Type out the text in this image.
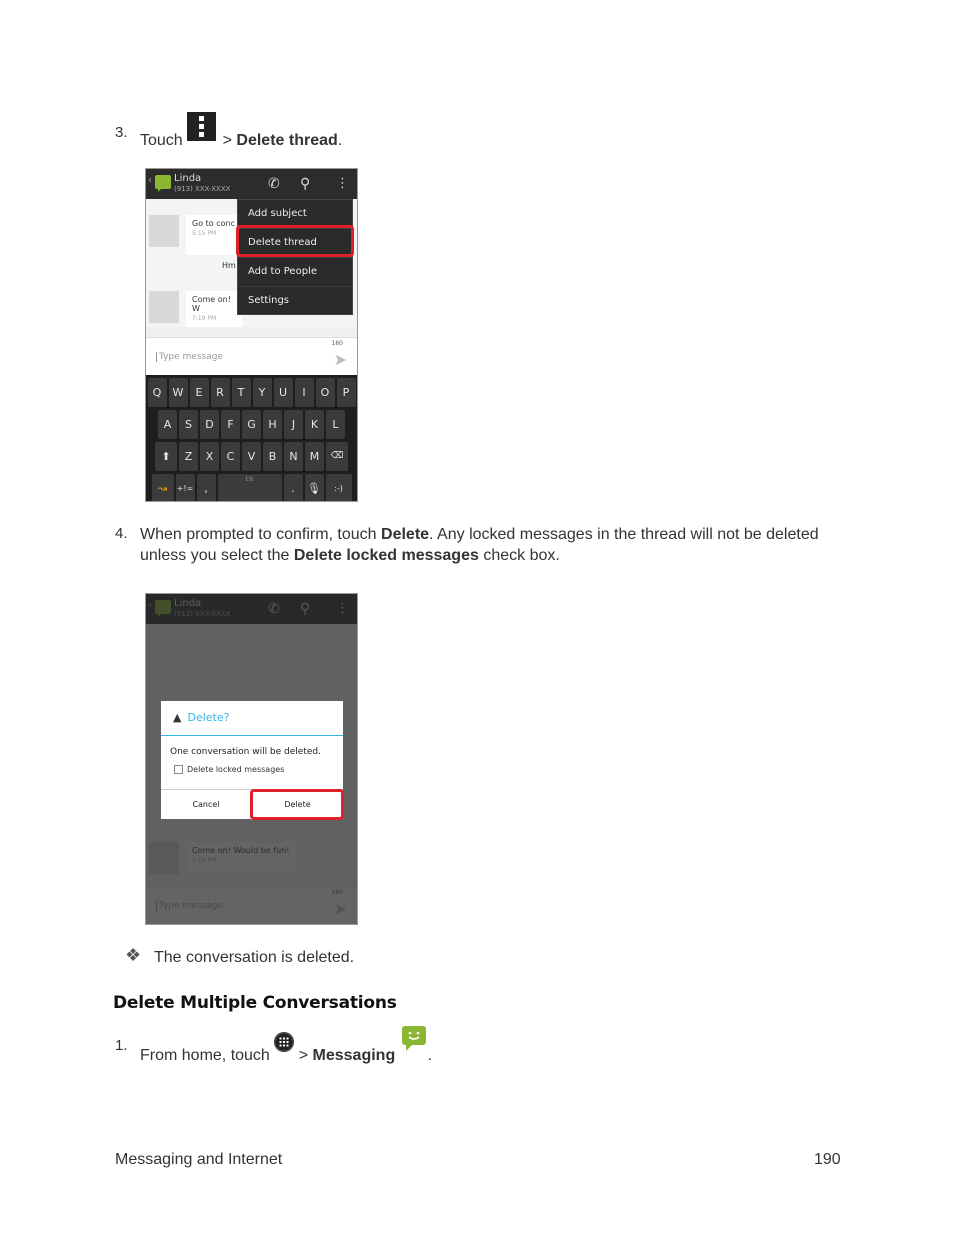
3. Touch > Delete thread.
Go to conc
5:15 PM
Hm
Come on! W
7:19 PM
‹ Linda
(913) XXX-XXXX	✆ ⚲ ⋮
Add subject
Delete thread
Add to People
Settings
160
Type message	➤
Q	W	E	R	T	Y	U	I	O	P
A	S	D	F	G	H	J	K	L
⬆	Z	X	C	V	B	N	M	⌫
↝	+!= ,
EN
.	🎙	:-)
4. When prompted to confirm, touch Delete. Any locked messages in the thread will not be deleted
unless you select the Delete locked messages check box.
▲ Delete?
One conversation will be deleted.
Delete locked messages
Cancel	Delete
❖ The conversation is deleted.
Delete Multiple Conversations
1.
From home, touch > Messaging .
Messaging and Internet	190
